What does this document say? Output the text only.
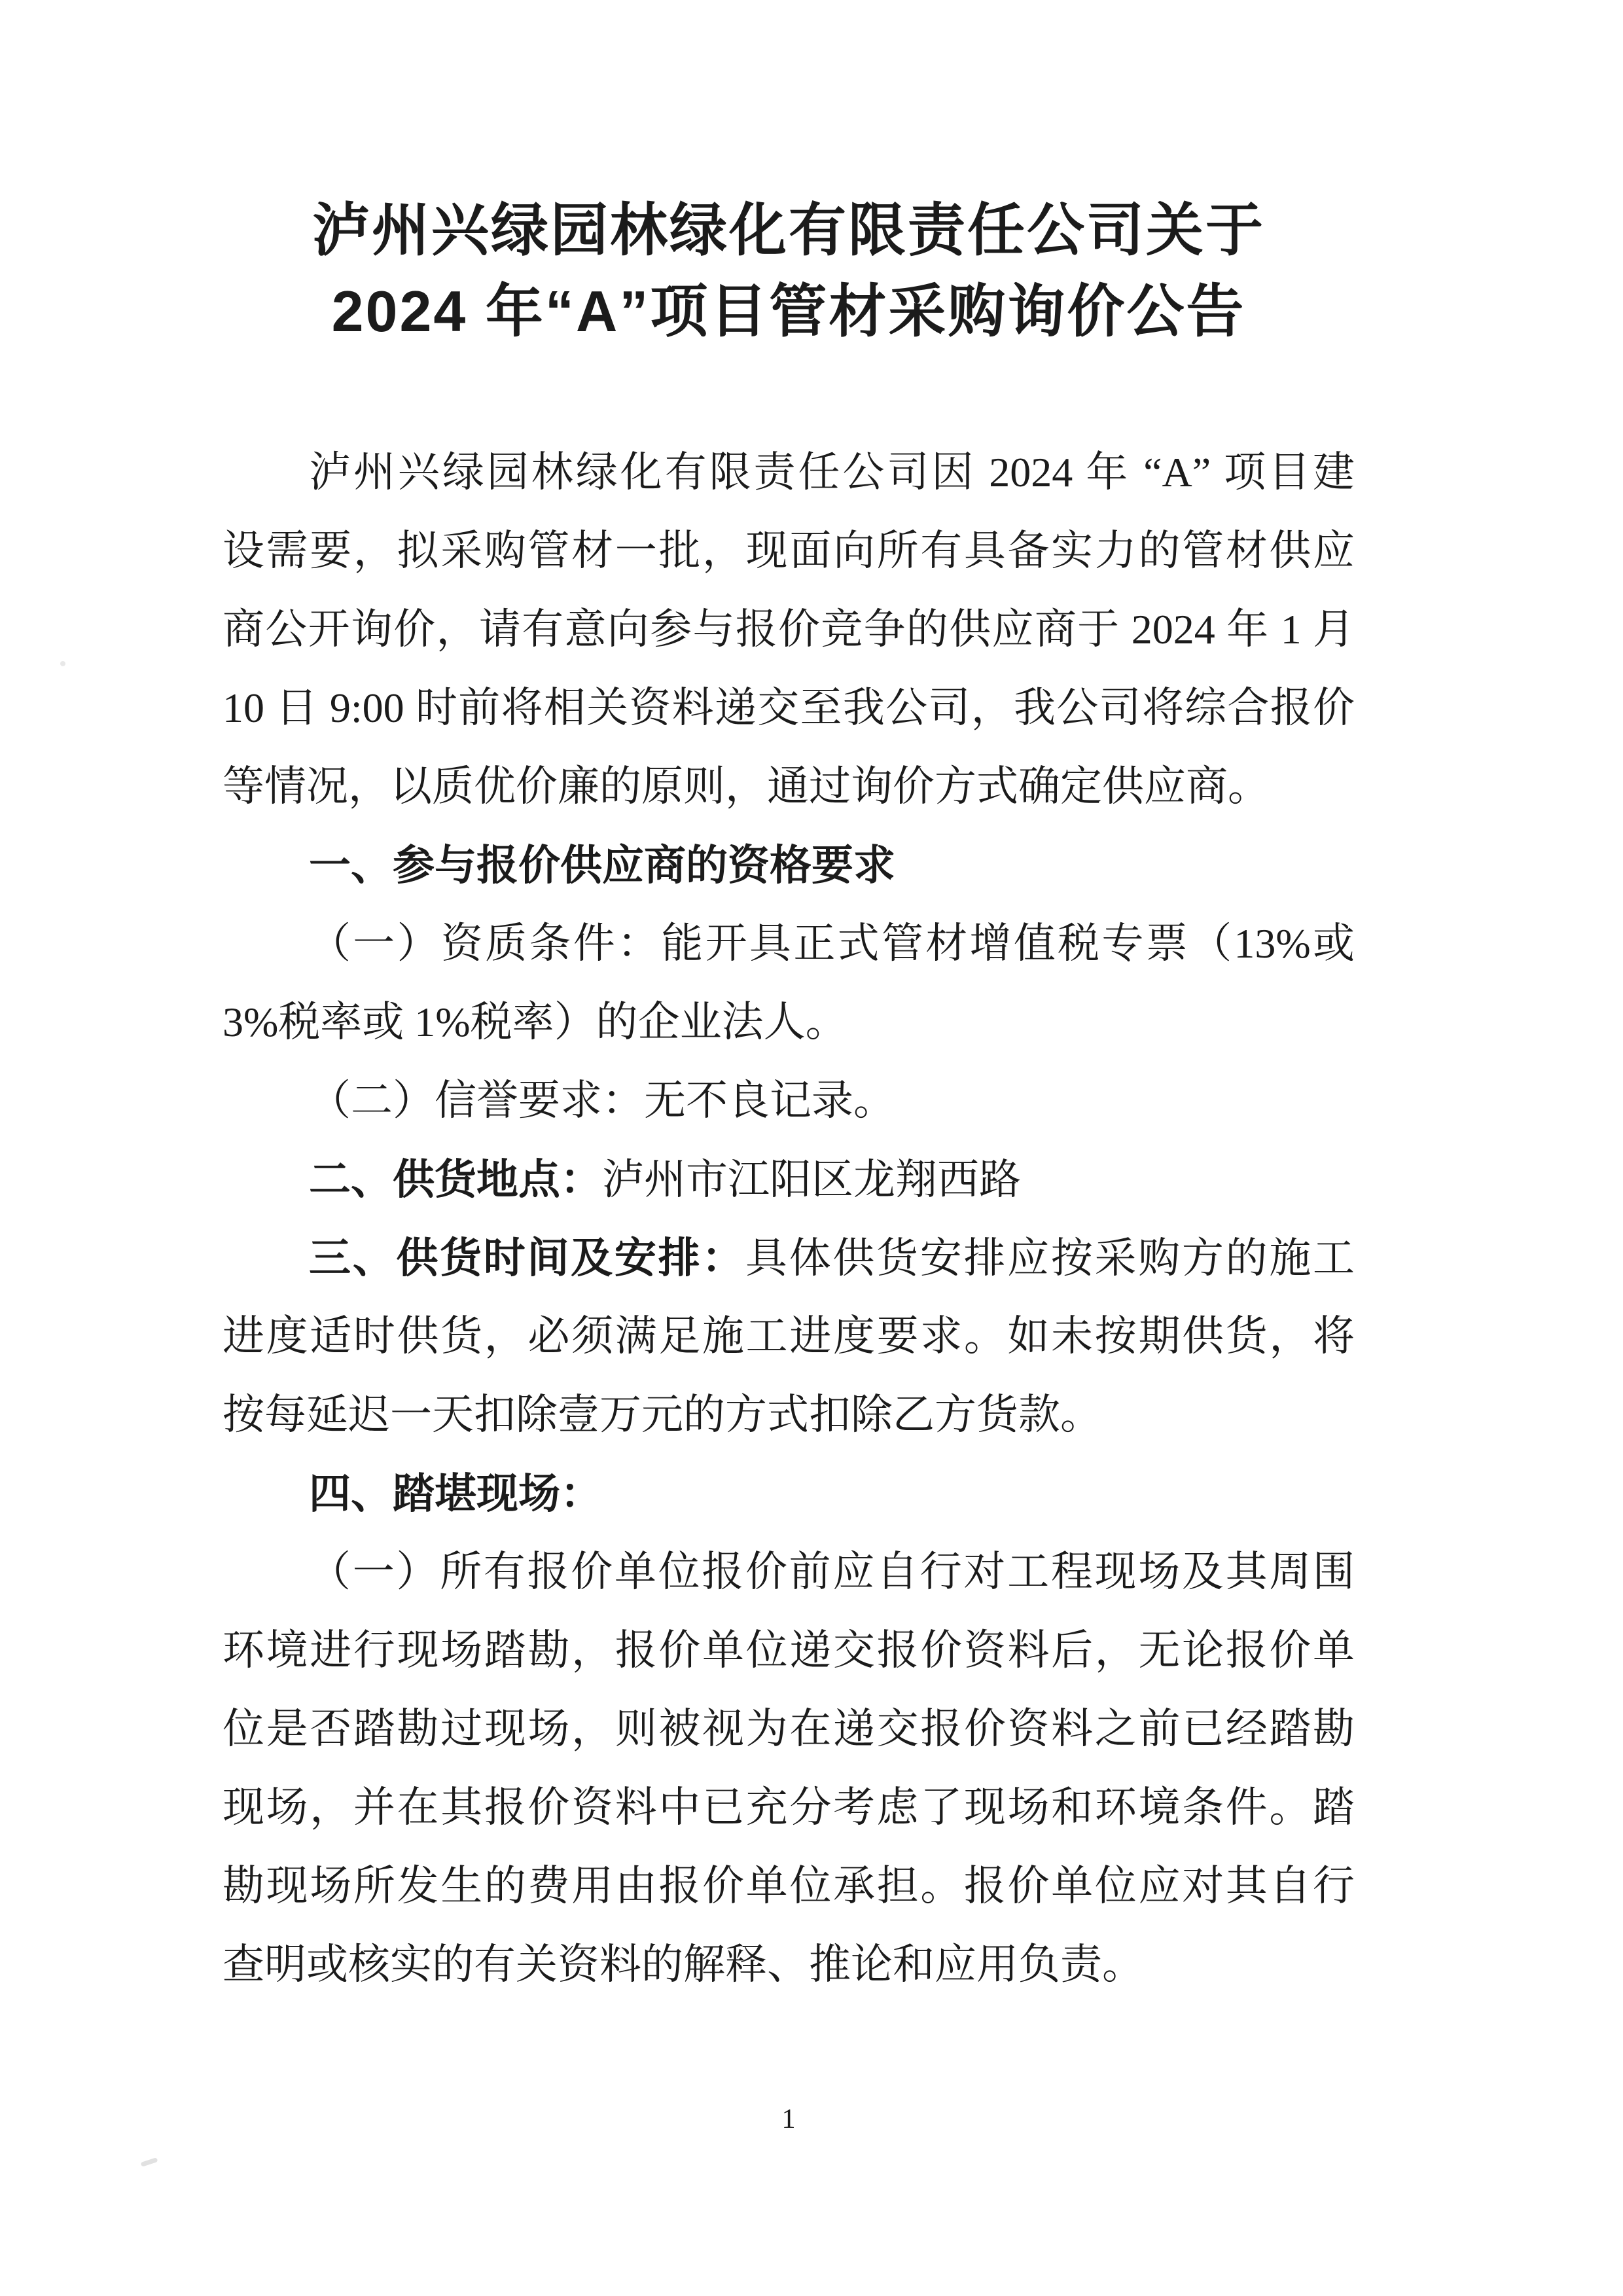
泸州兴绿园林绿化有限责任公司关于
2024 年“A”项目管材采购询价公告
泸州兴绿园林绿化有限责任公司因 2024 年 “A” 项目建
设需要，拟采购管材一批，现面向所有具备实力的管材供应
商公开询价，请有意向参与报价竞争的供应商于 2024 年 1 月
10 日 9:00 时前将相关资料递交至我公司，我公司将综合报价
等情况，以质优价廉的原则，通过询价方式确定供应商。
一、参与报价供应商的资格要求
（一）资质条件：能开具正式管材增值税专票（13%或
3%税率或 1%税率）的企业法人。
（二）信誉要求：无不良记录。
二、供货地点：泸州市江阳区龙翔西路
三、供货时间及安排：具体供货安排应按采购方的施工
进度适时供货，必须满足施工进度要求。如未按期供货，将
按每延迟一天扣除壹万元的方式扣除乙方货款。
四、踏堪现场：
（一）所有报价单位报价前应自行对工程现场及其周围
环境进行现场踏勘，报价单位递交报价资料后，无论报价单
位是否踏勘过现场，则被视为在递交报价资料之前已经踏勘
现场，并在其报价资料中已充分考虑了现场和环境条件。踏
勘现场所发生的费用由报价单位承担。报价单位应对其自行
查明或核实的有关资料的解释、推论和应用负责。
1
